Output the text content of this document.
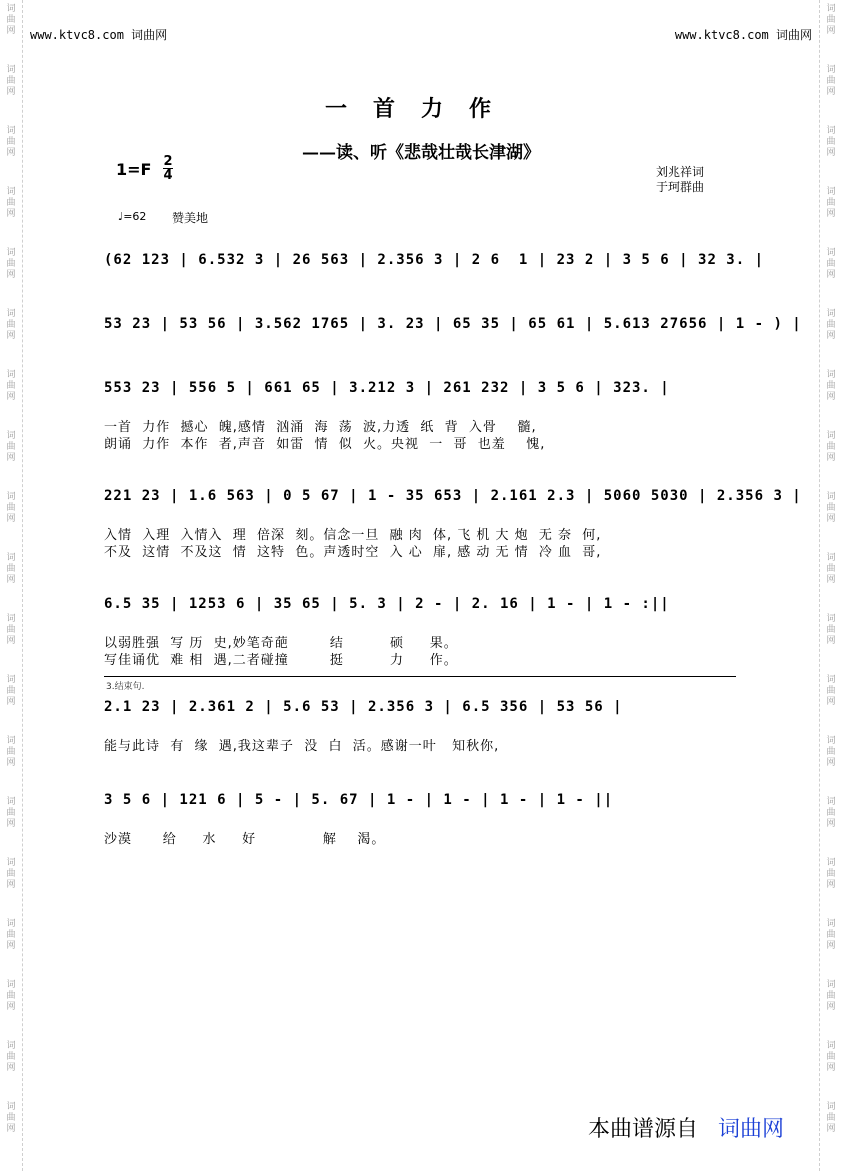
词
曲
网
词
曲
网
词
曲
网
词
曲
网
词
曲
网
词
曲
网
词
曲
网
词
曲
网
词
曲
网
词
曲
网
词
曲
网
词
曲
网
词
曲
网
词
曲
网
词
曲
网
词
曲
网
词
曲
网
词
曲
网
词
曲
网
词
曲
网
词
曲
网
词
曲
网
词
曲
网
词
曲
网
词
曲
网
词
曲
网
词
曲
网
词
曲
网
词
曲
网
词
曲
网
词
曲
网
词
曲
网
词
曲
网
词
曲
网
词
曲
网
词
曲
网
词
曲
网
词
曲
网
www.ktvc8.com 词曲网	www.ktvc8.com 词曲网
一首力作
——读、听《悲哉壮哉长津湖》
1=F 2
4	刘兆祥词
于珂群曲
♩=62 赞美地
(62 123 | 6.532 3 | 26 563 | 2.356 3 | 2 6  1 | 23 2 | 3 5 6 | 32 3. |
53 23 | 53 56 | 3.562 1765 | 3. 23 | 65 35 | 65 61 | 5.613 27656 | 1 - ) |
553 23 | 556 5 | 661 65 | 3.212 3 | 261 232 | 3 5 6 | 323. |
一首  力作  撼心  魄,感情  汹涌  海  荡  波,力透  纸  背  入骨    髓,
朗诵  力作  本作  者,声音  如雷  情  似  火。央视  一  哥  也羞    愧,
221 23 | 1.6 563 | 0 5 67 | 1 - 35 653 | 2.161 2.3 | 5060 5030 | 2.356 3 |
入情  入理  入情入  理  倍深  刻。信念一旦  融 肉  体, 飞 机 大 炮  无 奈  何,
不及  这情  不及这  情  这特  色。声透时空  入 心  扉, 感 动 无 情  冷 血  哥,
6.5 35 | 1253 6 | 35 65 | 5. 3 | 2 - | 2. 16 | 1 - | 1 - :||
以弱胜强  写 历  史,妙笔奇葩        结         硕     果。
写佳诵优  难 相  遇,二者碰撞        挺         力     作。
2.1 23 | 2.361 2 | 5.6 53 | 2.356 3 | 6.5 356 | 53 56 |
能与此诗  有  缘  遇,我这辈子  没  白  活。感谢一叶   知秋你,
3 5 6 | 121 6 | 5 - | 5. 67 | 1 - | 1 - | 1 - | 1 - ||
沙漠      给     水     好             解    渴。
3.结束句.
本曲谱源自 词曲网
